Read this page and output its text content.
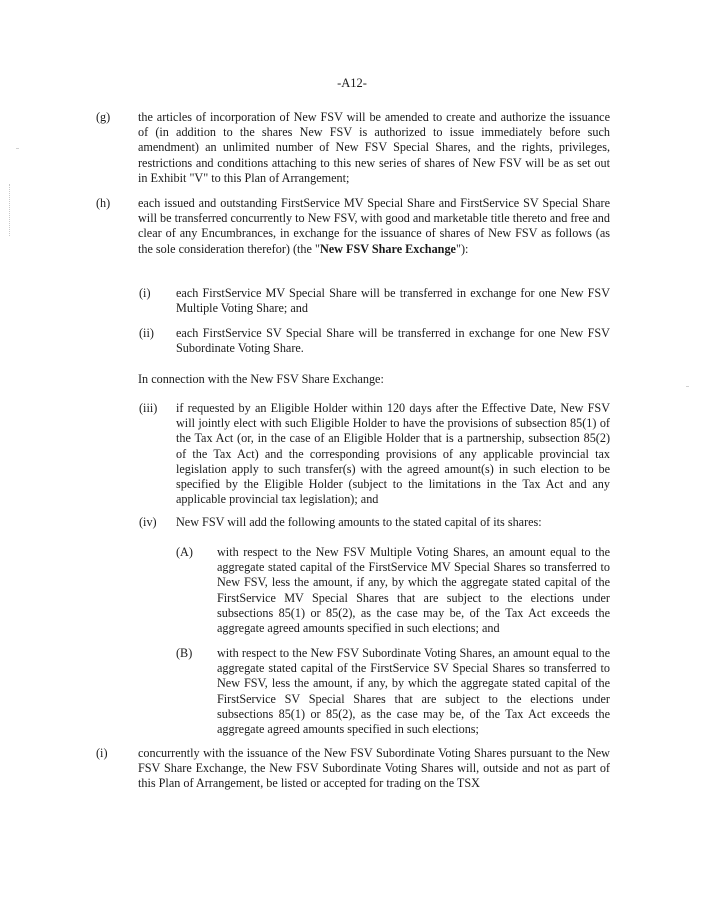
-A12-
(g) the articles of incorporation of New FSV will be amended to create and authorize the issuance of (in addition to the shares New FSV is authorized to issue immediately before such amendment) an unlimited number of New FSV Special Shares, and the rights, privileges, restrictions and conditions attaching to this new series of shares of New FSV will be as set out in Exhibit "V" to this Plan of Arrangement;
(h) each issued and outstanding FirstService MV Special Share and FirstService SV Special Share will be transferred concurrently to New FSV, with good and marketable title thereto and free and clear of any Encumbrances, in exchange for the issuance of shares of New FSV as follows (as the sole consideration therefor) (the "New FSV Share Exchange"):
(i) each FirstService MV Special Share will be transferred in exchange for one New FSV Multiple Voting Share; and
(ii) each FirstService SV Special Share will be transferred in exchange for one New FSV Subordinate Voting Share.
In connection with the New FSV Share Exchange:
(iii) if requested by an Eligible Holder within 120 days after the Effective Date, New FSV will jointly elect with such Eligible Holder to have the provisions of subsection 85(1) of the Tax Act (or, in the case of an Eligible Holder that is a partnership, subsection 85(2) of the Tax Act) and the corresponding provisions of any applicable provincial tax legislation apply to such transfer(s) with the agreed amount(s) in such election to be specified by the Eligible Holder (subject to the limitations in the Tax Act and any applicable provincial tax legislation); and
(iv) New FSV will add the following amounts to the stated capital of its shares:
(A) with respect to the New FSV Multiple Voting Shares, an amount equal to the aggregate stated capital of the FirstService MV Special Shares so transferred to New FSV, less the amount, if any, by which the aggregate stated capital of the FirstService MV Special Shares that are subject to the elections under subsections 85(1) or 85(2), as the case may be, of the Tax Act exceeds the aggregate agreed amounts specified in such elections; and
(B) with respect to the New FSV Subordinate Voting Shares, an amount equal to the aggregate stated capital of the FirstService SV Special Shares so transferred to New FSV, less the amount, if any, by which the aggregate stated capital of the FirstService SV Special Shares that are subject to the elections under subsections 85(1) or 85(2), as the case may be, of the Tax Act exceeds the aggregate agreed amounts specified in such elections;
(i) concurrently with the issuance of the New FSV Subordinate Voting Shares pursuant to the New FSV Share Exchange, the New FSV Subordinate Voting Shares will, outside and not as part of this Plan of Arrangement, be listed or accepted for trading on the TSX
